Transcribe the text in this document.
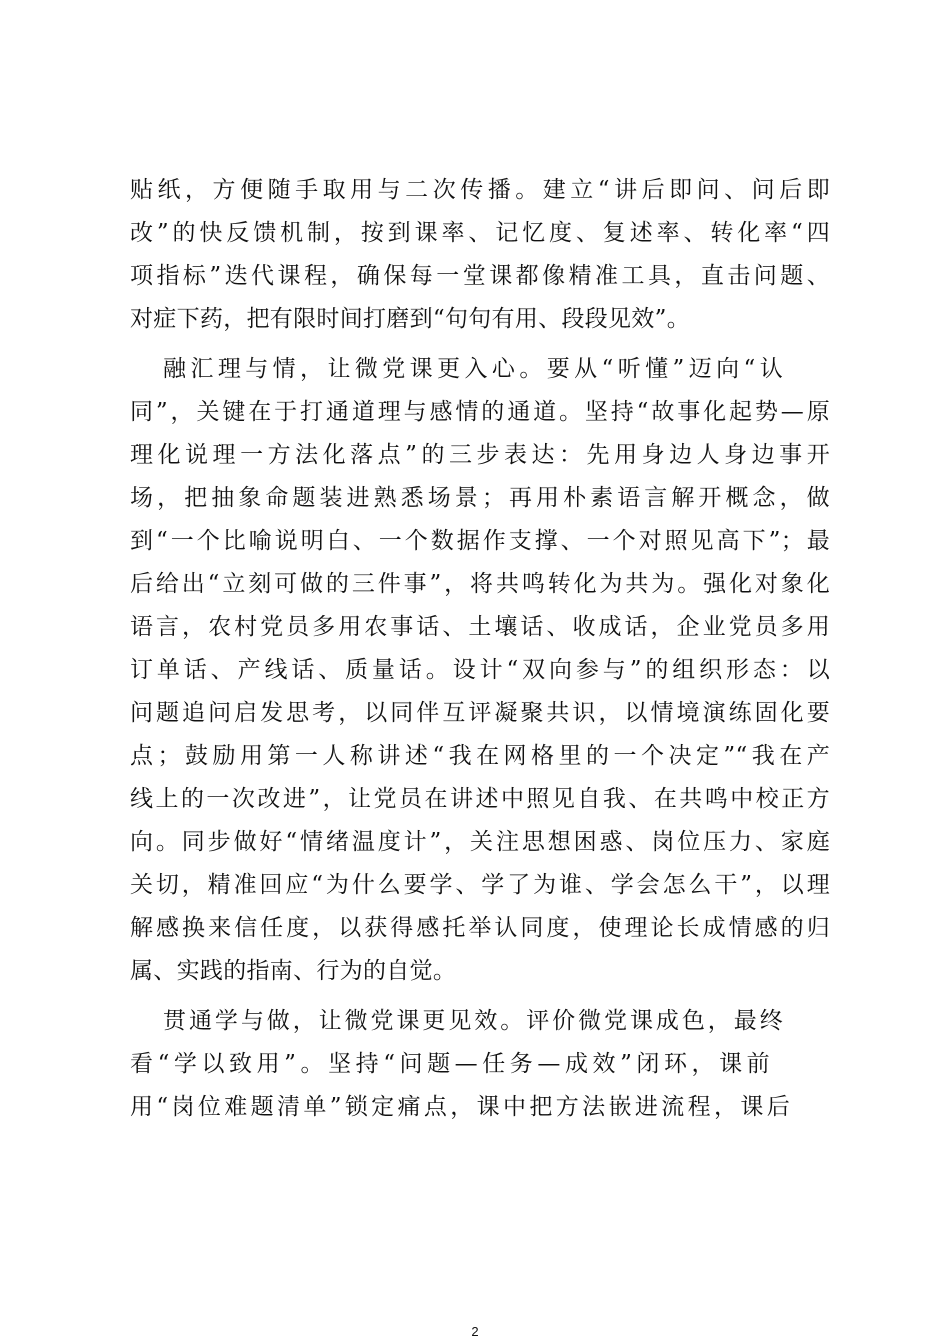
贴纸，方便随手取用与二次传播。建立“讲后即问、问后即
改”的快反馈机制，按到课率、记忆度、复述率、转化率“四
项指标”迭代课程，确保每一堂课都像精准工具，直击问题、
对症下药，把有限时间打磨到“句句有用、段段见效”。
融汇理与情，让微党课更入心。要从“听懂”迈向“认
同”，关键在于打通道理与感情的通道。坚持“故事化起势—原
理化说理一方法化落点”的三步表达：先用身边人身边事开
场，把抽象命题装进熟悉场景；再用朴素语言解开概念，做
到“一个比喻说明白、一个数据作支撑、一个对照见高下”；最
后给出“立刻可做的三件事”，将共鸣转化为共为。强化对象化
语言，农村党员多用农事话、土壤话、收成话，企业党员多用
订单话、产线话、质量话。设计“双向参与”的组织形态：以
问题追问启发思考，以同伴互评凝聚共识，以情境演练固化要
点；鼓励用第一人称讲述“我在网格里的一个决定”“我在产
线上的一次改进”，让党员在讲述中照见自我、在共鸣中校正方
向。同步做好“情绪温度计”，关注思想困惑、岗位压力、家庭
关切，精准回应“为什么要学、学了为谁、学会怎么干”，以理
解感换来信任度，以获得感托举认同度，使理论长成情感的归
属、实践的指南、行为的自觉。
贯通学与做，让微党课更见效。评价微党课成色，最终
看“学以致用”。坚持“问题—任务—成效”闭环，课前
用“岗位难题清单”锁定痛点，课中把方法嵌进流程，课后
2
